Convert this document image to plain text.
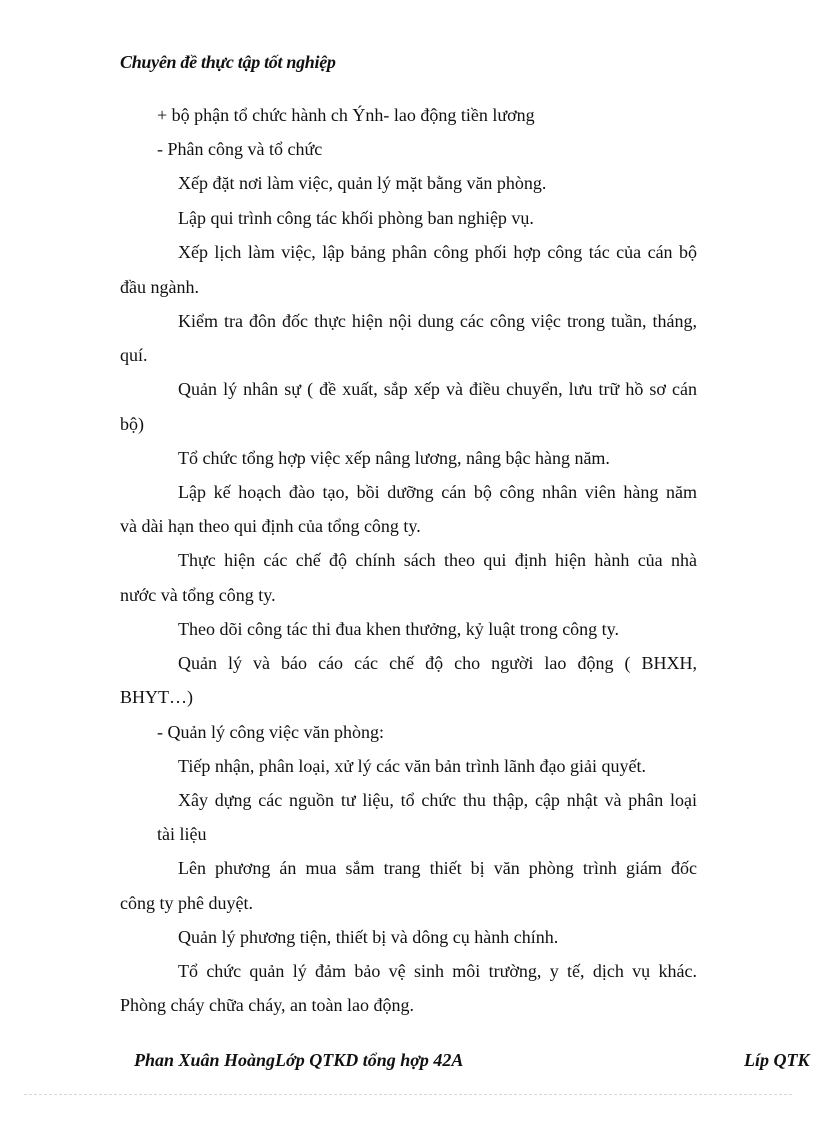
Chuyên đề thực tập tốt nghiệp
+ bộ phận tổ chức hành ch Ýnh- lao động tiền lương
- Phân công và tổ chức
Xếp đặt nơi làm việc, quản lý mặt bằng văn phòng.
Lập qui trình công tác khối phòng ban nghiệp vụ.
Xếp lịch làm việc, lập bảng phân công phối hợp công tác của cán bộ
đầu ngành.
Kiểm tra đôn đốc thực hiện nội dung các công việc trong tuần, tháng,
quí.
Quản lý nhân sự ( đề xuất, sắp xếp và điều chuyển, lưu trữ hồ sơ cán
bộ)
Tổ chức tổng hợp việc xếp nâng lương, nâng bậc hàng năm.
Lập kế hoạch đào tạo, bồi dưỡng cán bộ công nhân viên hàng năm
và dài hạn theo qui định của tổng công ty.
Thực hiện các chế độ chính sách theo qui định hiện hành của nhà
nước và tổng công ty.
Theo dõi công tác thi đua khen thưởng, kỷ luật trong công ty.
Quản lý và báo cáo các chế độ cho người lao động ( BHXH,
BHYT…)
- Quản lý công việc văn phòng:
Tiếp nhận, phân loại, xử lý các văn bản trình lãnh đạo giải quyết.
Xây dựng các nguồn tư liệu, tổ chức thu thập, cập nhật và phân loại
tài liệu
Lên phương án mua sắm trang thiết bị văn phòng trình giám đốc
công ty phê duyệt.
Quản lý phương tiện, thiết bị và dông cụ hành chính.
Tổ chức quản lý đảm bảo vệ sinh môi trường, y tế, dịch vụ khác.
Phòng cháy chữa cháy, an toàn lao động.
Phan Xuân HoàngLớp QTKD tổng hợp 42A	Líp QTK
